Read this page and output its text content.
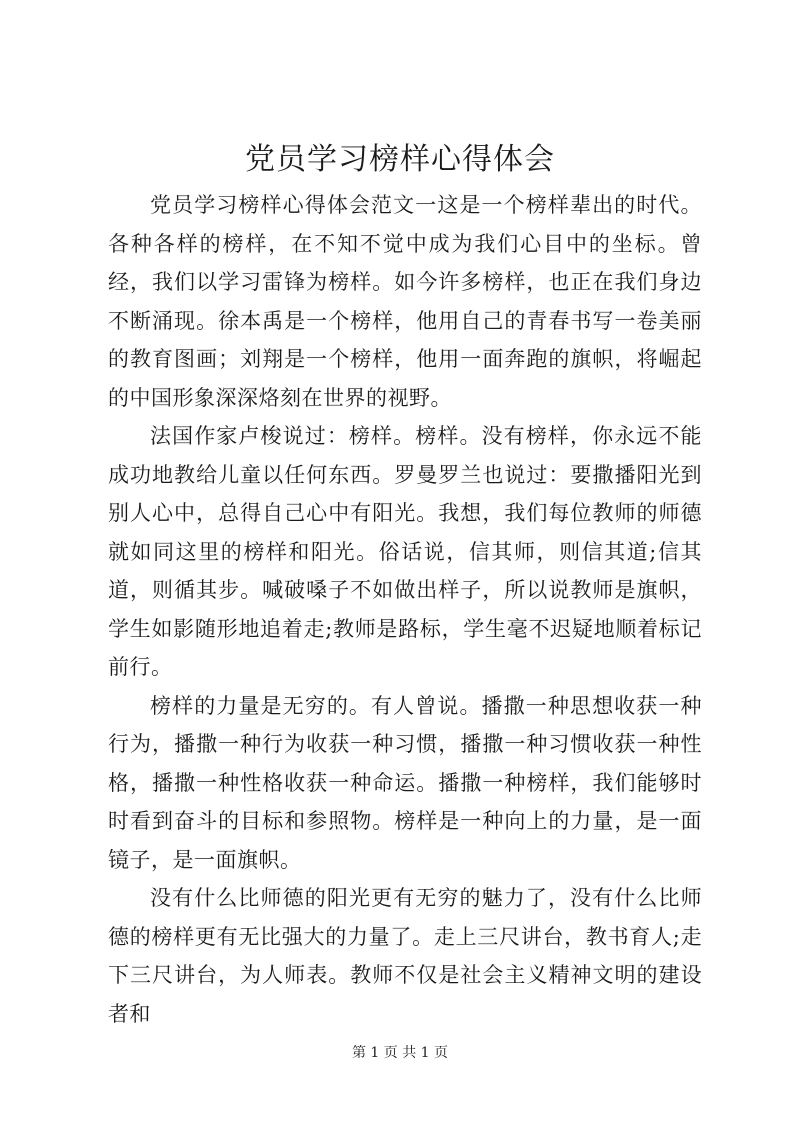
党员学习榜样心得体会

党员学习榜样心得体会范文一这是一个榜样辈出的时代。各种各样的榜样，在不知不觉中成为我们心目中的坐标。曾经，我们以学习雷锋为榜样。如今许多榜样，也正在我们身边不断涌现。徐本禹是一个榜样，他用自己的青春书写一卷美丽的教育图画；刘翔是一个榜样，他用一面奔跑的旗帜，将崛起的中国形象深深烙刻在世界的视野。

法国作家卢梭说过：榜样。榜样。没有榜样，你永远不能成功地教给儿童以任何东西。罗曼罗兰也说过：要撒播阳光到别人心中，总得自己心中有阳光。我想，我们每位教师的师德就如同这里的榜样和阳光。俗话说，信其师，则信其道;信其道，则循其步。喊破嗓子不如做出样子，所以说教师是旗帜，学生如影随形地追着走;教师是路标，学生毫不迟疑地顺着标记前行。

榜样的力量是无穷的。有人曾说。播撒一种思想收获一种行为，播撒一种行为收获一种习惯，播撒一种习惯收获一种性格，播撒一种性格收获一种命运。播撒一种榜样，我们能够时时看到奋斗的目标和参照物。榜样是一种向上的力量，是一面镜子，是一面旗帜。

没有什么比师德的阳光更有无穷的魅力了，没有什么比师德的榜样更有无比强大的力量了。走上三尺讲台，教书育人;走下三尺讲台，为人师表。教师不仅是社会主义精神文明的建设者和

第 1 页 共 1 页
